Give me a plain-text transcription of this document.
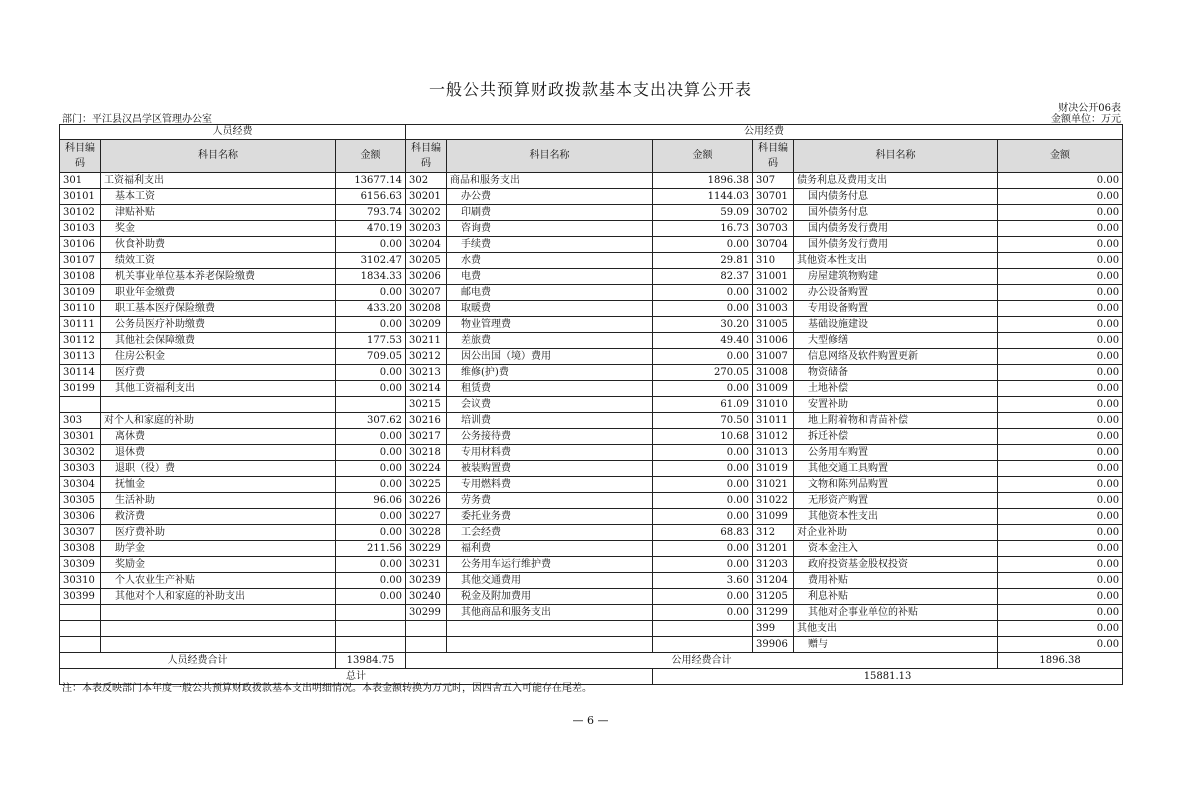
一般公共预算财政拨款基本支出决算公开表
财决公开06表
部门：平江县汉昌学区管理办公室	金额单位：万元
人员经费			公用经费					
科目编码	科目名称	金额	科目编码	科目名称	金额	科目编码	科目名称	金额
301	工资福利支出	13677.14	302	商品和服务支出	1896.38	307	债务利息及费用支出	0.00
30101	基本工资	6156.63	30201	办公费	1144.03	30701	国内债务付息	0.00
30102	津贴补贴	793.74	30202	印刷费	59.09	30702	国外债务付息	0.00
30103	奖金	470.19	30203	咨询费	16.73	30703	国内债务发行费用	0.00
30106	伙食补助费	0.00	30204	手续费	0.00	30704	国外债务发行费用	0.00
30107	绩效工资	3102.47	30205	水费	29.81	310	其他资本性支出	0.00
30108	机关事业单位基本养老保险缴费	1834.33	30206	电费	82.37	31001	房屋建筑物购建	0.00
30109	职业年金缴费	0.00	30207	邮电费	0.00	31002	办公设备购置	0.00
30110	职工基本医疗保险缴费	433.20	30208	取暖费	0.00	31003	专用设备购置	0.00
30111	公务员医疗补助缴费	0.00	30209	物业管理费	30.20	31005	基础设施建设	0.00
30112	其他社会保障缴费	177.53	30211	差旅费	49.40	31006	大型修缮	0.00
30113	住房公积金	709.05	30212	因公出国（境）费用	0.00	31007	信息网络及软件购置更新	0.00
30114	医疗费	0.00	30213	维修(护)费	270.05	31008	物资储备	0.00
30199	其他工资福利支出	0.00	30214	租赁费	0.00	31009	土地补偿	0.00
			30215	会议费	61.09	31010	安置补助	0.00
303	对个人和家庭的补助	307.62	30216	培训费	70.50	31011	地上附着物和青苗补偿	0.00
30301	离休费	0.00	30217	公务接待费	10.68	31012	拆迁补偿	0.00
30302	退休费	0.00	30218	专用材料费	0.00	31013	公务用车购置	0.00
30303	退职（役）费	0.00	30224	被装购置费	0.00	31019	其他交通工具购置	0.00
30304	抚恤金	0.00	30225	专用燃料费	0.00	31021	文物和陈列品购置	0.00
30305	生活补助	96.06	30226	劳务费	0.00	31022	无形资产购置	0.00
30306	救济费	0.00	30227	委托业务费	0.00	31099	其他资本性支出	0.00
30307	医疗费补助	0.00	30228	工会经费	68.83	312	对企业补助	0.00
30308	助学金	211.56	30229	福利费	0.00	31201	资本金注入	0.00
30309	奖励金	0.00	30231	公务用车运行维护费	0.00	31203	政府投资基金股权投资	0.00
30310	个人农业生产补贴	0.00	30239	其他交通费用	3.60	31204	费用补贴	0.00
30399	其他对个人和家庭的补助支出	0.00	30240	税金及附加费用	0.00	31205	利息补贴	0.00
			30299	其他商品和服务支出	0.00	31299	其他对企事业单位的补贴	0.00
						399	其他支出	0.00
						39906	赠与	0.00
人员经费合计		13984.75	公用经费合计					1896.38
总计					15881.13			
注：本表反映部门本年度一般公共预算财政拨款基本支出明细情况。本表金额转换为万元时，因四舍五入可能存在尾差。
— 6 —
